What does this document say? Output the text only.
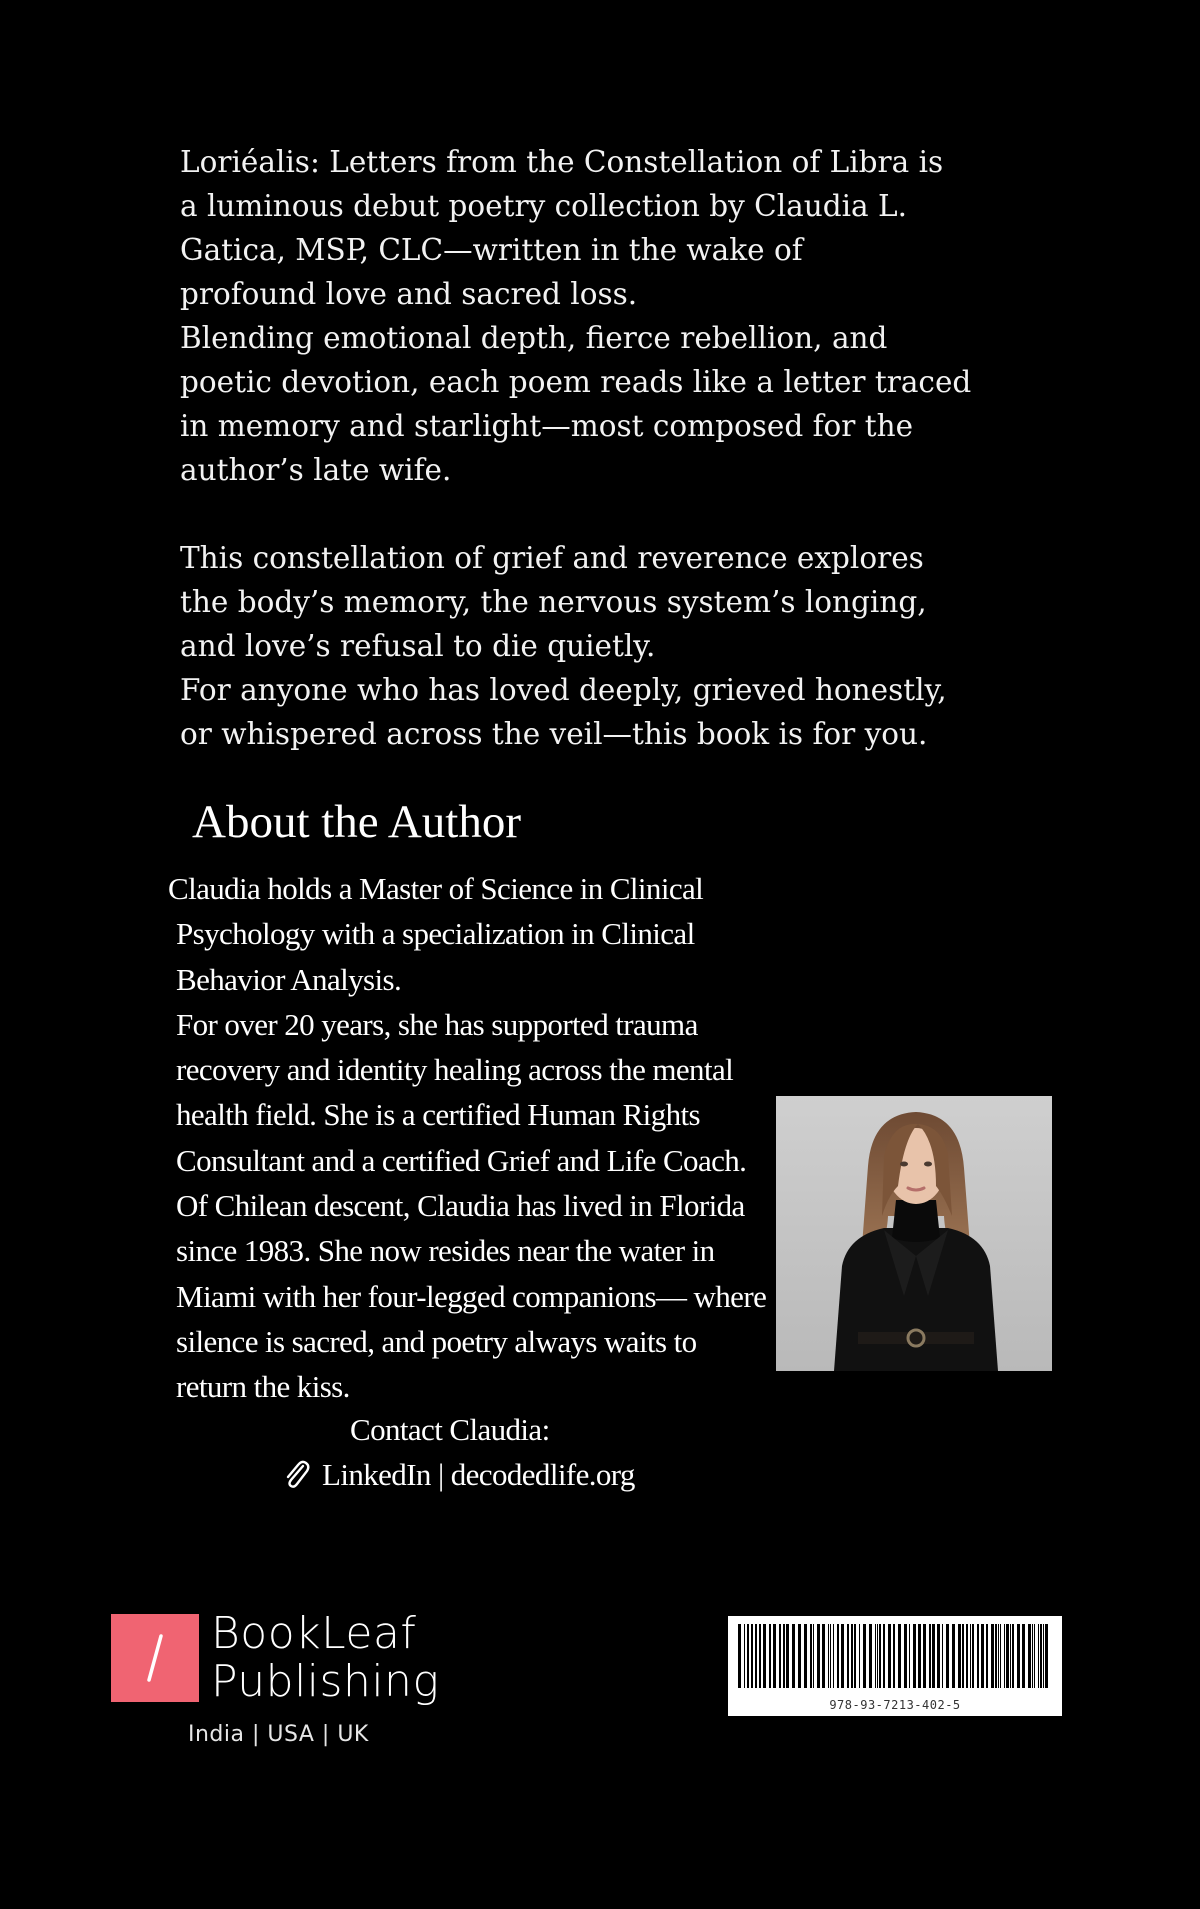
Loriéalis: Letters from the Constellation of Libra is

a luminous debut poetry collection by Claudia L.

Gatica, MSP, CLC—written in the wake of

profound love and sacred loss.

Blending emotional depth, fierce rebellion, and

poetic devotion, each poem reads like a letter traced

in memory and starlight—most composed for the

author’s late wife.

This constellation of grief and reverence explores

the body’s memory, the nervous system’s longing,

and love’s refusal to die quietly.

For anyone who has loved deeply, grieved honestly,

or whispered across the veil—this book is for you.

About the Author

Claudia holds a Master of Science in Clinical

Psychology with a specialization in Clinical

Behavior Analysis.

For over 20 years, she has supported trauma

recovery and identity healing across the mental

health field. She is a certified Human Rights

Consultant and a certified Grief and Life Coach.

Of Chilean descent, Claudia has lived in Florida

since 1983. She now resides near the water in

Miami with her four-legged companions— where

silence is sacred, and poetry always waits to

return the kiss.

Contact Claudia:
LinkedIn | decodedlife.org
BookLeaf
Publishing
India | USA | UK
978-93-7213-402-5
